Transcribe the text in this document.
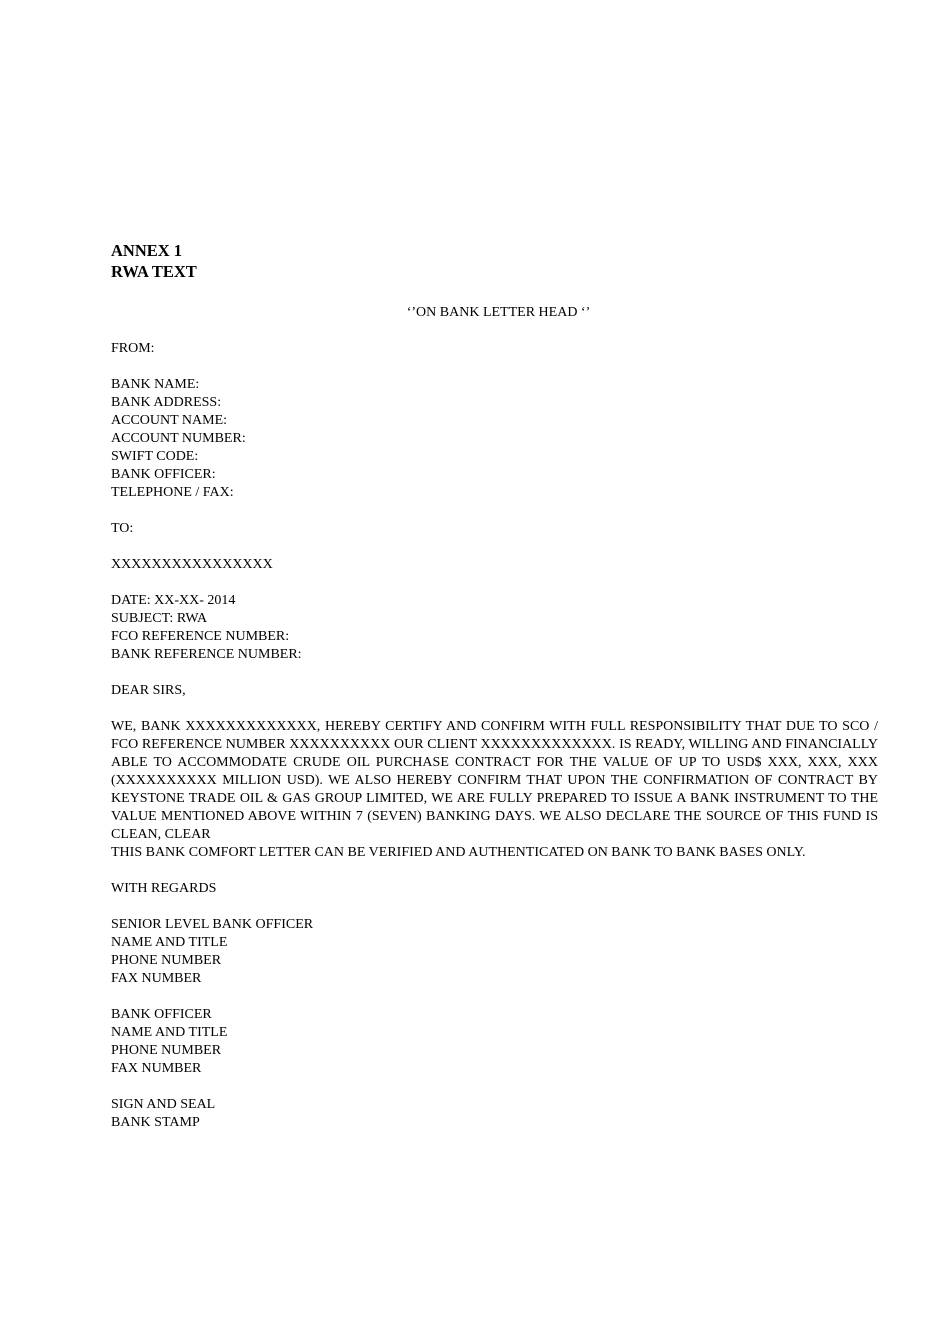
ANNEX 1

RWA TEXT

‘’ON BANK LETTER HEAD ‘’

FROM:

BANK NAME:

BANK ADDRESS:

ACCOUNT NAME:

ACCOUNT NUMBER:

SWIFT CODE:

BANK OFFICER:

TELEPHONE / FAX:

TO:

XXXXXXXXXXXXXXXX

DATE: XX-XX- 2014

SUBJECT: RWA

FCO REFERENCE NUMBER:

BANK REFERENCE NUMBER:

DEAR SIRS,

WE, BANK XXXXXXXXXXXXX, HEREBY CERTIFY AND CONFIRM WITH FULL RESPONSIBILITY THAT DUE TO SCO / FCO REFERENCE NUMBER XXXXXXXXXX OUR CLIENT XXXXXXXXXXXXX. IS READY, WILLING AND FINANCIALLY ABLE TO ACCOMMODATE CRUDE OIL PURCHASE CONTRACT FOR THE VALUE OF UP TO USD$ XXX, XXX, XXX (XXXXXXXXXX MILLION USD). WE ALSO HEREBY CONFIRM THAT UPON THE CONFIRMATION OF CONTRACT BY KEYSTONE TRADE OIL & GAS GROUP LIMITED, WE ARE FULLY PREPARED TO ISSUE A BANK INSTRUMENT TO THE VALUE MENTIONED ABOVE WITHIN 7 (SEVEN) BANKING DAYS. WE ALSO DECLARE THE SOURCE OF THIS FUND IS CLEAN, CLEAR

THIS BANK COMFORT LETTER CAN BE VERIFIED AND AUTHENTICATED ON BANK TO BANK BASES ONLY.

WITH REGARDS

SENIOR LEVEL BANK OFFICER

NAME AND TITLE

PHONE NUMBER

FAX NUMBER

BANK OFFICER

NAME AND TITLE

PHONE NUMBER

FAX NUMBER

SIGN AND SEAL

BANK STAMP
